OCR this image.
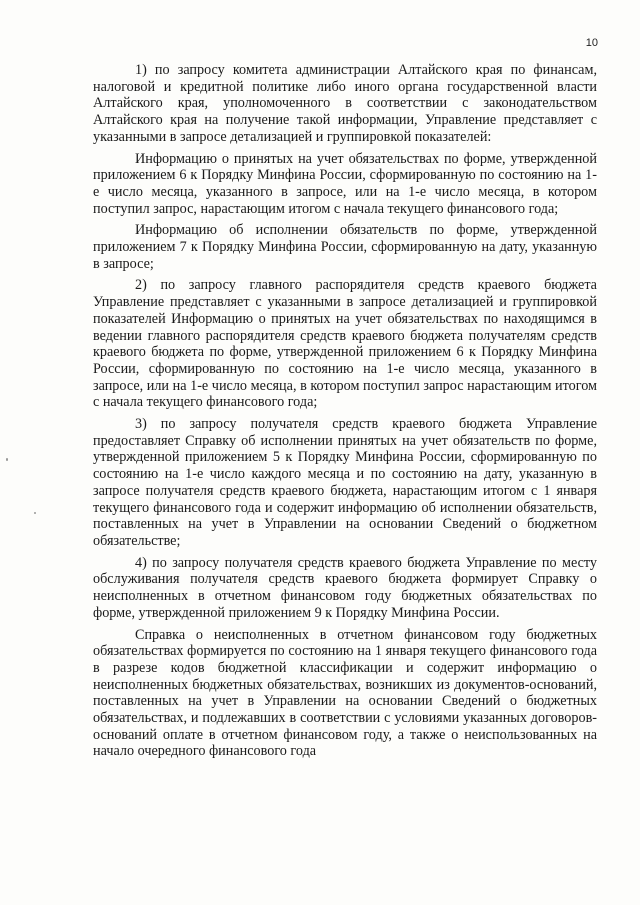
10

1) по запросу комитета администрации Алтайского края по финансам, налоговой и кредитной политике либо иного органа государственной власти Алтайского края, уполномоченного в соответствии с законодательством Алтайского края на получение такой информации, Управление представляет с указанными в запросе детализацией и группировкой показателей:

Информацию о принятых на учет обязательствах по форме, утвержденной приложением 6 к Порядку Минфина России, сформированную по состоянию на 1-е число месяца, указанного в запросе, или на 1-е число месяца, в котором поступил запрос, нарастающим итогом с начала текущего финансового года;

Информацию об исполнении обязательств по форме, утвержденной приложением 7 к Порядку Минфина России, сформированную на дату, указанную в запросе;

2) по запросу главного распорядителя средств краевого бюджета Управление представляет с указанными в запросе детализацией и группировкой показателей Информацию о принятых на учет обязательствах по находящимся в ведении главного распорядителя средств краевого бюджета получателям средств краевого бюджета по форме, утвержденной приложением 6 к Порядку Минфина России, сформированную по состоянию на 1-е число месяца, указанного в запросе, или на 1-е число месяца, в котором поступил запрос нарастающим итогом с начала текущего финансового года;

3) по запросу получателя средств краевого бюджета Управление предоставляет Справку об исполнении принятых на учет обязательств по форме, утвержденной приложением 5 к Порядку Минфина России, сформированную по состоянию на 1-е число каждого месяца и по состоянию на дату, указанную в запросе получателя средств краевого бюджета, нарастающим итогом с 1 января текущего финансового года и содержит информацию об исполнении обязательств, поставленных на учет в Управлении на основании Сведений о бюджетном обязательстве;

4) по запросу получателя средств краевого бюджета Управление по месту обслуживания получателя средств краевого бюджета формирует Справку о неисполненных в отчетном финансовом году бюджетных обязательствах по форме, утвержденной приложением 9 к Порядку Минфина России.

Справка о неисполненных в отчетном финансовом году бюджетных обязательствах формируется по состоянию на 1 января текущего финансового года в разрезе кодов бюджетной классификации и содержит информацию о неисполненных бюджетных обязательствах, возникших из документов-оснований, поставленных на учет в Управлении на основании Сведений о бюджетных обязательствах, и подлежавших в соответствии с условиями указанных договоров-оснований оплате в отчетном финансовом году, а также о неиспользованных на начало очередного финансового года
